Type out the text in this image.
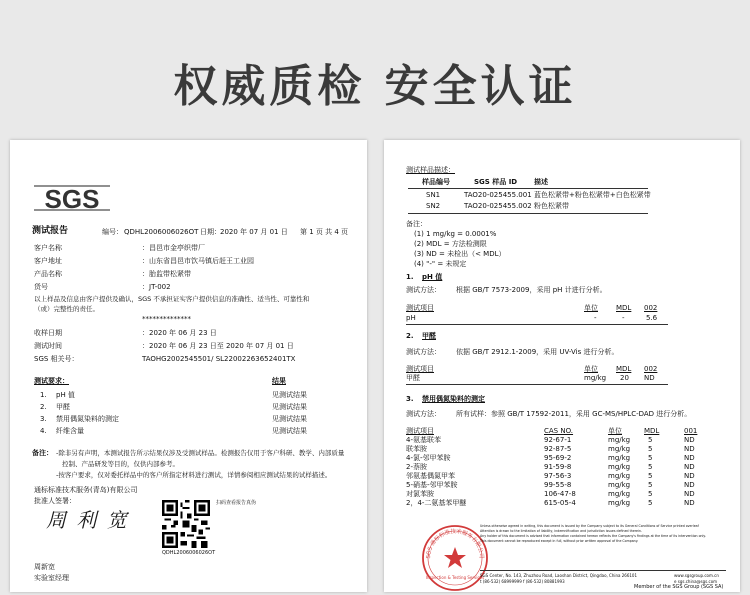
权威质检 安全认证
SGS
测试报告	编号： QDHL2006006026OT 日期： 2020 年 07 月 01 日 第 1 页 共 4 页
客户名称	：昌邑市金亭织带厂
客户地址	：山东省昌邑市饮马镇后赶王工业园
产品名称	：胎监带松紧带
货号	：JT-002
以上样品及信息由客户提供及确认，SGS 不承担证实客户提供信息的准确性、适当性、可靠性和
（或）完整性的责任。
**************
收样日期	：2020 年 06 月 23 日
测试时间	：2020 年 06 月 23 日至 2020 年 07 月 01 日
SGS 相关号：	TAOHG2002545501/ SL22002263652401TX
测试要求：	结果
1. pH 值	见测试结果
2. 甲醛	见测试结果
3. 禁用偶氮染料的测定	见测试结果
4. 纤维含量	见测试结果
备注： -除非另有声明，本测试报告所示结果仅涉及受测试样品。检测报告仅用于客户科研、教学、内部质量
控制、产品研发等目的，仅供内部参考。
-按客户要求，仅对委托样品中的客户所指定材料进行测试，详情参阅相应测试结果的试样描述。
通标标准技术服务(青岛)有限公司
批准人签署：
周 利 宽
扫码查看报告真伪
QDHL2006006026OT
周新宽
实验室经理
测试样品描述：
样品编号	SGS 样品 ID 描述
SN1	TAO20-025455.001 蓝色松紧带+粉色松紧带+白色松紧带
SN2	TAO20-025455.002 粉色松紧带
备注：
(1) 1 mg/kg = 0.0001%
(2) MDL = 方法检测限
(3) ND = 未检出（< MDL）
(4) "-" = 未规定
1. pH 值
测试方法： 根据 GB/T 7573-2009，采用 pH 计进行分析。
测试项目	单位	MDL 002
pH	-	-	5.6
2. 甲醛
测试方法： 依据 GB/T 2912.1-2009，采用 UV-Vis 进行分析。
测试项目	单位	MDL 002
甲醛	mg/kg 20 ND
3. 禁用偶氮染料的测定
测试方法： 所有试样：参照 GB/T 17592-2011，采用 GC-MS/HPLC-DAD 进行分析。
测试项目	CAS NO.	单位	MDL	001
4-氨基联苯	92-67-1	mg/kg	5	ND
联苯胺	92-87-5	mg/kg	5	ND
4-氯-邻甲苯胺	95-69-2	mg/kg	5	ND
2-萘胺	91-59-8	mg/kg	5	ND
邻氨基偶氮甲苯	97-56-3	mg/kg	5	ND
5-硝基-邻甲苯胺	99-55-8	mg/kg	5	ND
对氯苯胺	106-47-8	mg/kg	5	ND
2，4-二氨基苯甲醚	615-05-4	mg/kg	5	ND
SGS 通标标准技术服务有限公司
Inspection & Testing Services
Unless otherwise agreed in writing, this document is issued by the Company subject to its General Conditions of Service printed overleaf
Attention is drawn to the limitation of liability, indemnification and jurisdiction issues defined therein.
Any holder of this document is advised that information contained hereon reflects the Company's findings at the time of its intervention only.
This document cannot be reproduced except in full, without prior written approval of the Company.
SGS Center, No. 143, Zhuzhou Road, Laoshan District, Qingdao, China 266101
t (86-532) 68999999 f (86-532) 80881993
www.sgsgroup.com.cn
e sgs.china@sgs.com
Member of the SGS Group (SGS SA)
